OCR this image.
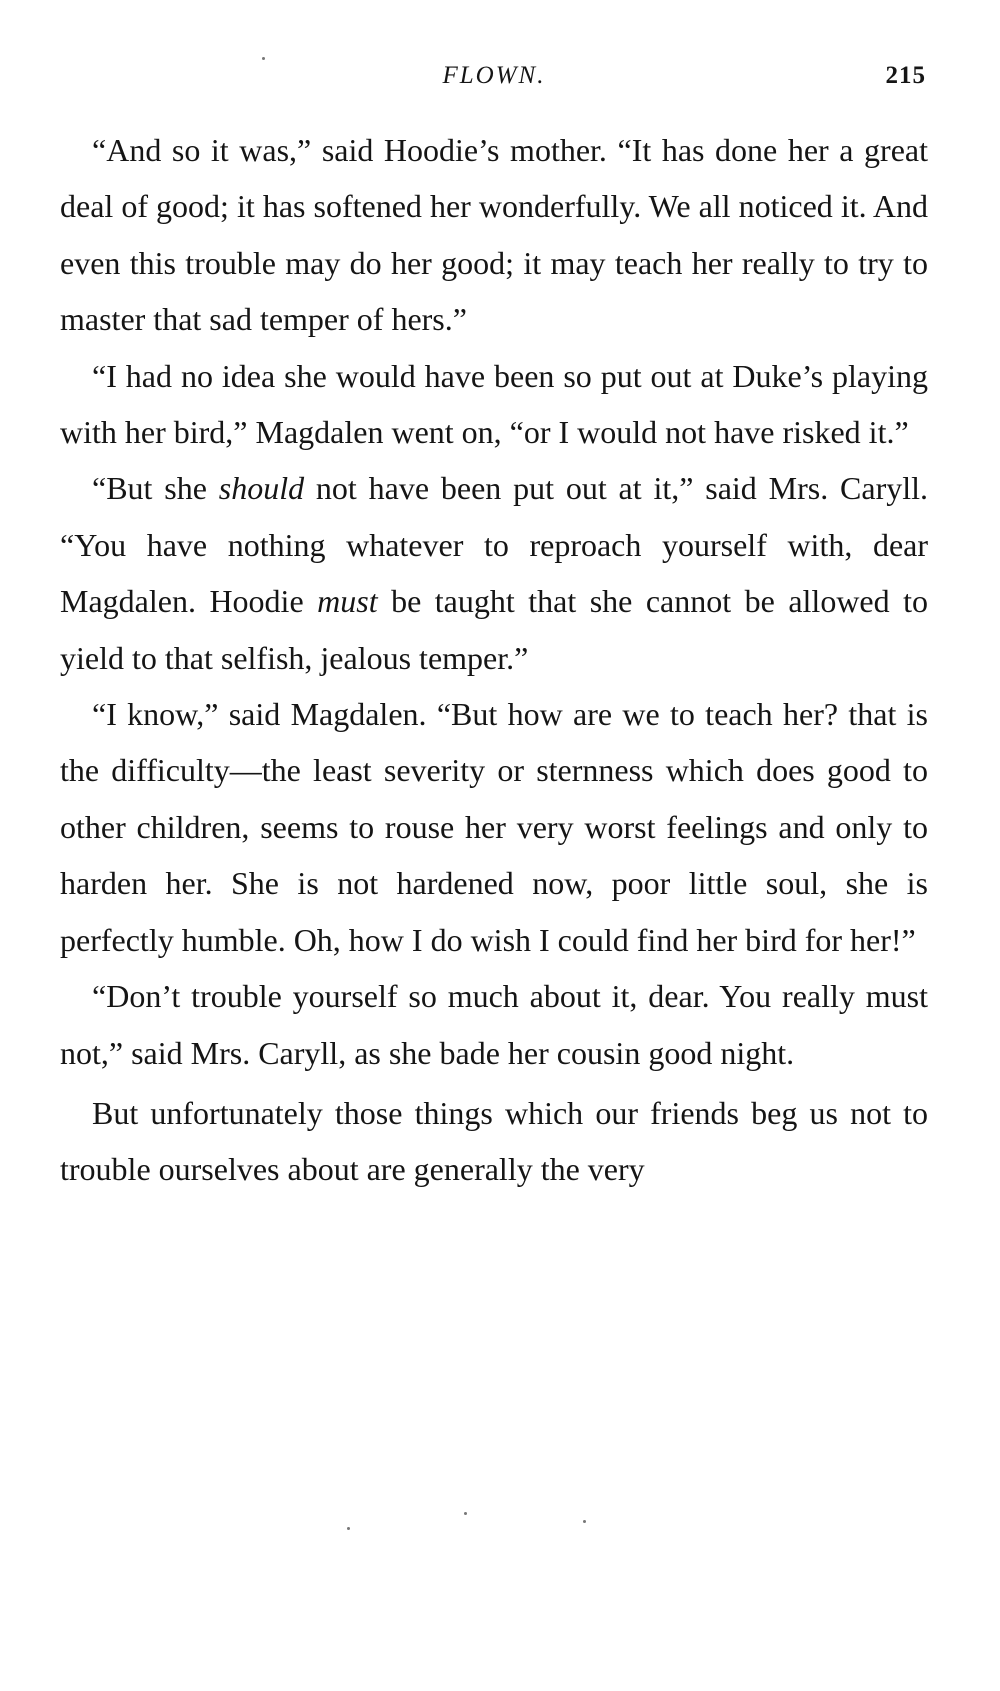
FLOWN.	215

“And so it was,” said Hoodie’s mother. “It has done her a great deal of good; it has softened her wonderfully. We all noticed it. And even this trouble may do her good; it may teach her really to try to master that sad temper of hers.”

“I had no idea she would have been so put out at Duke’s playing with her bird,” Magdalen went on, “or I would not have risked it.”

“But she should not have been put out at it,” said Mrs. Caryll. “You have nothing whatever to reproach yourself with, dear Magdalen. Hoodie must be taught that she cannot be allowed to yield to that selfish, jealous temper.”

“I know,” said Magdalen. “But how are we to teach her? that is the difficulty—the least severity or sternness which does good to other children, seems to rouse her very worst feelings and only to harden her. She is not hardened now, poor little soul, she is perfectly humble. Oh, how I do wish I could find her bird for her!”

“Don’t trouble yourself so much about it, dear. You really must not,” said Mrs. Caryll, as she bade her cousin good night.

But unfortunately those things which our friends beg us not to trouble ourselves about are generally the very
